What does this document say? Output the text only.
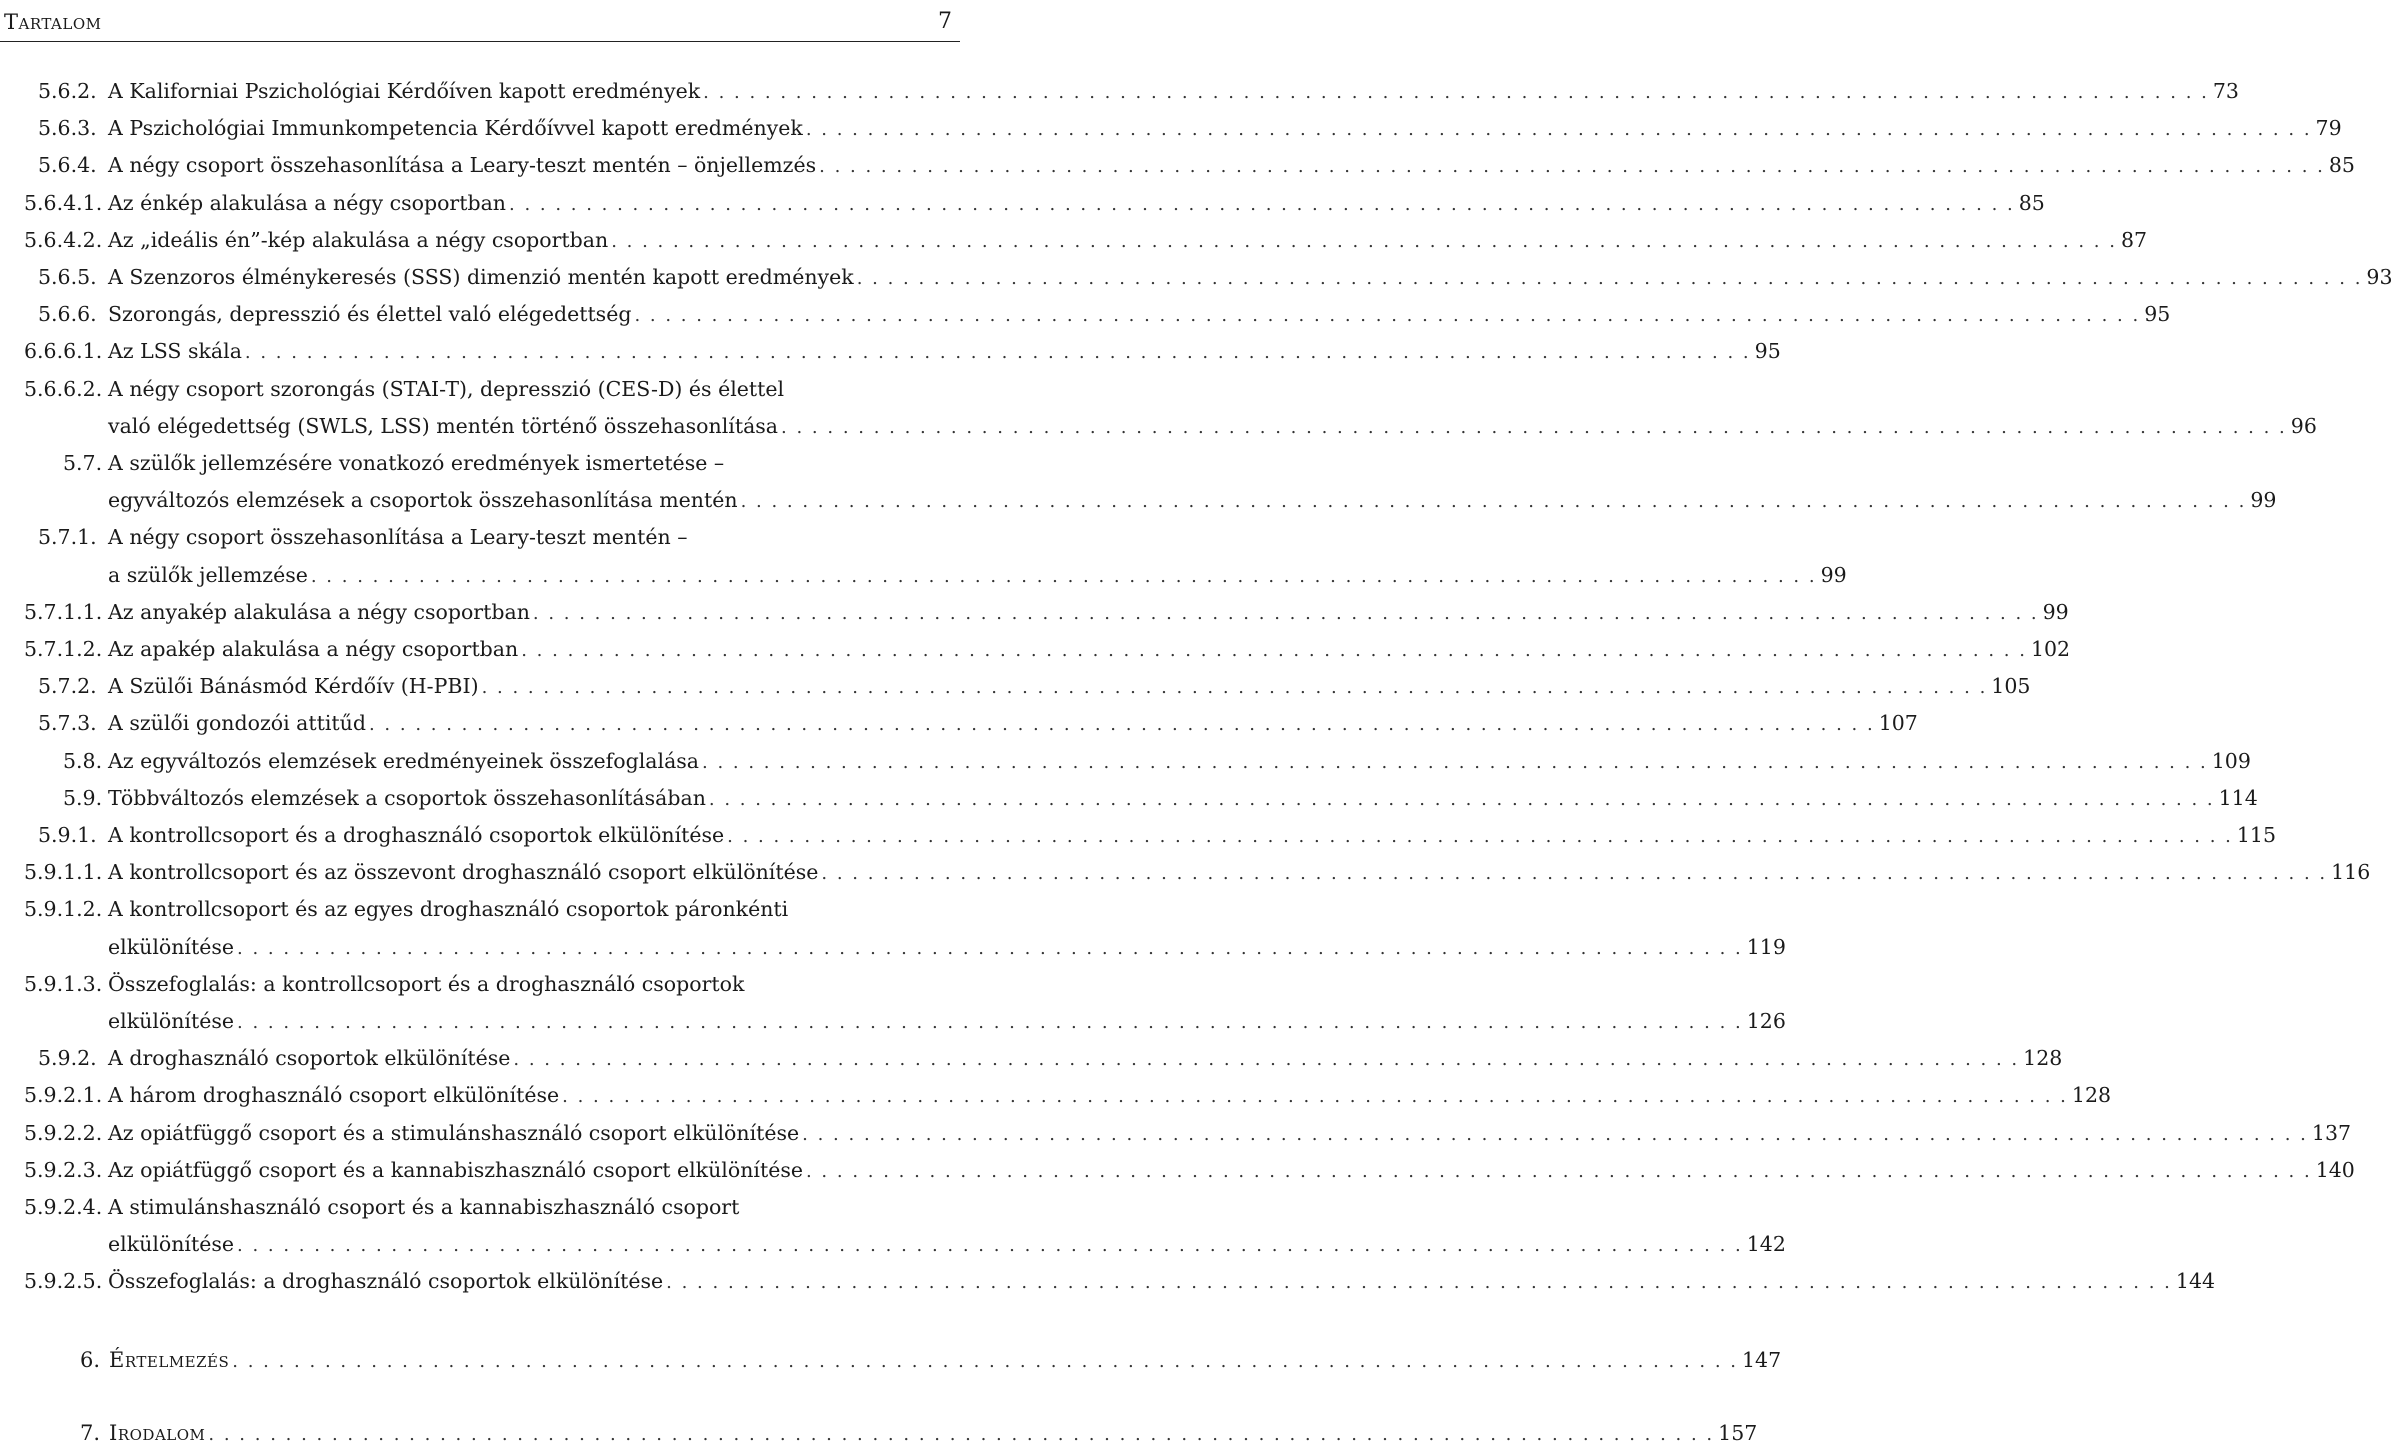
Tartalom	7
5.6.2. A Kaliforniai Pszichológiai Kérdőíven kapott eredmények . . . . . . . . . . . . . . . . . . . . . . . . . . . . . . . . . . . . . . . . . . . . . . . . . . . . . . . . . . . . . . . . . . . . . . . . . . . . . . . . . . . . . . . . . . . . . . . . . . 73
5.6.3. A Pszichológiai Immunkompetencia Kérdőívvel kapott eredmények . . . . . . . . . . . . . . . . . . . . . . . . . . . . . . . . . . . . . . . . . . . . . . . . . . . . . . . . . . . . . . . . . . . . . . . . . . . . . . . . . . . . . . . . . . . . . . . . . . 79
5.6.4. A négy csoport összehasonlítása a Leary-teszt mentén – önjellemzés . . . . . . . . . . . . . . . . . . . . . . . . . . . . . . . . . . . . . . . . . . . . . . . . . . . . . . . . . . . . . . . . . . . . . . . . . . . . . . . . . . . . . . . . . . . . . . . . . . 85
5.6.4.1. Az énkép alakulása a négy csoportban . . . . . . . . . . . . . . . . . . . . . . . . . . . . . . . . . . . . . . . . . . . . . . . . . . . . . . . . . . . . . . . . . . . . . . . . . . . . . . . . . . . . . . . . . . . . . . . . . . 85
5.6.4.2. Az „ideális én”-kép alakulása a négy csoportban . . . . . . . . . . . . . . . . . . . . . . . . . . . . . . . . . . . . . . . . . . . . . . . . . . . . . . . . . . . . . . . . . . . . . . . . . . . . . . . . . . . . . . . . . . . . . . . . . . 87
5.6.5. A Szenzoros élménykeresés (SSS) dimenzió mentén kapott eredmények . . . . . . . . . . . . . . . . . . . . . . . . . . . . . . . . . . . . . . . . . . . . . . . . . . . . . . . . . . . . . . . . . . . . . . . . . . . . . . . . . . . . . . . . . . . . . . . . . . 93
5.6.6. Szorongás, depresszió és élettel való elégedettség . . . . . . . . . . . . . . . . . . . . . . . . . . . . . . . . . . . . . . . . . . . . . . . . . . . . . . . . . . . . . . . . . . . . . . . . . . . . . . . . . . . . . . . . . . . . . . . . . . 95
6.6.6.1. Az LSS skála . . . . . . . . . . . . . . . . . . . . . . . . . . . . . . . . . . . . . . . . . . . . . . . . . . . . . . . . . . . . . . . . . . . . . . . . . . . . . . . . . . . . . . . . . . . . . . . . . . 95
5.6.6.2. A négy csoport szorongás (STAI-T), depresszió (CES-D) és élettel
való elégedettség (SWLS, LSS) mentén történő összehasonlítása . . . . . . . . . . . . . . . . . . . . . . . . . . . . . . . . . . . . . . . . . . . . . . . . . . . . . . . . . . . . . . . . . . . . . . . . . . . . . . . . . . . . . . . . . . . . . . . . . . 96
5.7. A szülők jellemzésére vonatkozó eredmények ismertetése –
egyváltozós elemzések a csoportok összehasonlítása mentén . . . . . . . . . . . . . . . . . . . . . . . . . . . . . . . . . . . . . . . . . . . . . . . . . . . . . . . . . . . . . . . . . . . . . . . . . . . . . . . . . . . . . . . . . . . . . . . . . . 99
5.7.1. A négy csoport összehasonlítása a Leary-teszt mentén –
a szülők jellemzése . . . . . . . . . . . . . . . . . . . . . . . . . . . . . . . . . . . . . . . . . . . . . . . . . . . . . . . . . . . . . . . . . . . . . . . . . . . . . . . . . . . . . . . . . . . . . . . . . . 99
5.7.1.1. Az anyakép alakulása a négy csoportban . . . . . . . . . . . . . . . . . . . . . . . . . . . . . . . . . . . . . . . . . . . . . . . . . . . . . . . . . . . . . . . . . . . . . . . . . . . . . . . . . . . . . . . . . . . . . . . . . . 99
5.7.1.2. Az apakép alakulása a négy csoportban . . . . . . . . . . . . . . . . . . . . . . . . . . . . . . . . . . . . . . . . . . . . . . . . . . . . . . . . . . . . . . . . . . . . . . . . . . . . . . . . . . . . . . . . . . . . . . . . . . 102
5.7.2. A Szülői Bánásmód Kérdőív (H-PBI) . . . . . . . . . . . . . . . . . . . . . . . . . . . . . . . . . . . . . . . . . . . . . . . . . . . . . . . . . . . . . . . . . . . . . . . . . . . . . . . . . . . . . . . . . . . . . . . . . . 105
5.7.3. A szülői gondozói attitűd . . . . . . . . . . . . . . . . . . . . . . . . . . . . . . . . . . . . . . . . . . . . . . . . . . . . . . . . . . . . . . . . . . . . . . . . . . . . . . . . . . . . . . . . . . . . . . . . . . 107
5.8. Az egyváltozós elemzések eredményeinek összefoglalása . . . . . . . . . . . . . . . . . . . . . . . . . . . . . . . . . . . . . . . . . . . . . . . . . . . . . . . . . . . . . . . . . . . . . . . . . . . . . . . . . . . . . . . . . . . . . . . . . . 109
5.9. Többváltozós elemzések a csoportok összehasonlításában . . . . . . . . . . . . . . . . . . . . . . . . . . . . . . . . . . . . . . . . . . . . . . . . . . . . . . . . . . . . . . . . . . . . . . . . . . . . . . . . . . . . . . . . . . . . . . . . . . 114
5.9.1. A kontrollcsoport és a droghasználó csoportok elkülönítése . . . . . . . . . . . . . . . . . . . . . . . . . . . . . . . . . . . . . . . . . . . . . . . . . . . . . . . . . . . . . . . . . . . . . . . . . . . . . . . . . . . . . . . . . . . . . . . . . . 115
5.9.1.1. A kontrollcsoport és az összevont droghasználó csoport elkülönítése . . . . . . . . . . . . . . . . . . . . . . . . . . . . . . . . . . . . . . . . . . . . . . . . . . . . . . . . . . . . . . . . . . . . . . . . . . . . . . . . . . . . . . . . . . . . . . . . . . 116
5.9.1.2. A kontrollcsoport és az egyes droghasználó csoportok páronkénti
elkülönítése . . . . . . . . . . . . . . . . . . . . . . . . . . . . . . . . . . . . . . . . . . . . . . . . . . . . . . . . . . . . . . . . . . . . . . . . . . . . . . . . . . . . . . . . . . . . . . . . . . 119
5.9.1.3. Összefoglalás: a kontrollcsoport és a droghasználó csoportok
elkülönítése . . . . . . . . . . . . . . . . . . . . . . . . . . . . . . . . . . . . . . . . . . . . . . . . . . . . . . . . . . . . . . . . . . . . . . . . . . . . . . . . . . . . . . . . . . . . . . . . . . 126
5.9.2. A droghasználó csoportok elkülönítése . . . . . . . . . . . . . . . . . . . . . . . . . . . . . . . . . . . . . . . . . . . . . . . . . . . . . . . . . . . . . . . . . . . . . . . . . . . . . . . . . . . . . . . . . . . . . . . . . . 128
5.9.2.1. A három droghasználó csoport elkülönítése . . . . . . . . . . . . . . . . . . . . . . . . . . . . . . . . . . . . . . . . . . . . . . . . . . . . . . . . . . . . . . . . . . . . . . . . . . . . . . . . . . . . . . . . . . . . . . . . . . 128
5.9.2.2. Az opiátfüggő csoport és a stimulánshasználó csoport elkülönítése . . . . . . . . . . . . . . . . . . . . . . . . . . . . . . . . . . . . . . . . . . . . . . . . . . . . . . . . . . . . . . . . . . . . . . . . . . . . . . . . . . . . . . . . . . . . . . . . . . 137
5.9.2.3. Az opiátfüggő csoport és a kannabiszhasználó csoport elkülönítése . . . . . . . . . . . . . . . . . . . . . . . . . . . . . . . . . . . . . . . . . . . . . . . . . . . . . . . . . . . . . . . . . . . . . . . . . . . . . . . . . . . . . . . . . . . . . . . . . . 140
5.9.2.4. A stimulánshasználó csoport és a kannabiszhasználó csoport
elkülönítése . . . . . . . . . . . . . . . . . . . . . . . . . . . . . . . . . . . . . . . . . . . . . . . . . . . . . . . . . . . . . . . . . . . . . . . . . . . . . . . . . . . . . . . . . . . . . . . . . . 142
5.9.2.5. Összefoglalás: a droghasználó csoportok elkülönítése . . . . . . . . . . . . . . . . . . . . . . . . . . . . . . . . . . . . . . . . . . . . . . . . . . . . . . . . . . . . . . . . . . . . . . . . . . . . . . . . . . . . . . . . . . . . . . . . . . 144
6. Értelmezés . . . . . . . . . . . . . . . . . . . . . . . . . . . . . . . . . . . . . . . . . . . . . . . . . . . . . . . . . . . . . . . . . . . . . . . . . . . . . . . . . . . . . . . . . . . . . . . . . . 147
7. Irodalom . . . . . . . . . . . . . . . . . . . . . . . . . . . . . . . . . . . . . . . . . . . . . . . . . . . . . . . . . . . . . . . . . . . . . . . . . . . . . . . . . . . . . . . . . . . . . . . . . . 157
